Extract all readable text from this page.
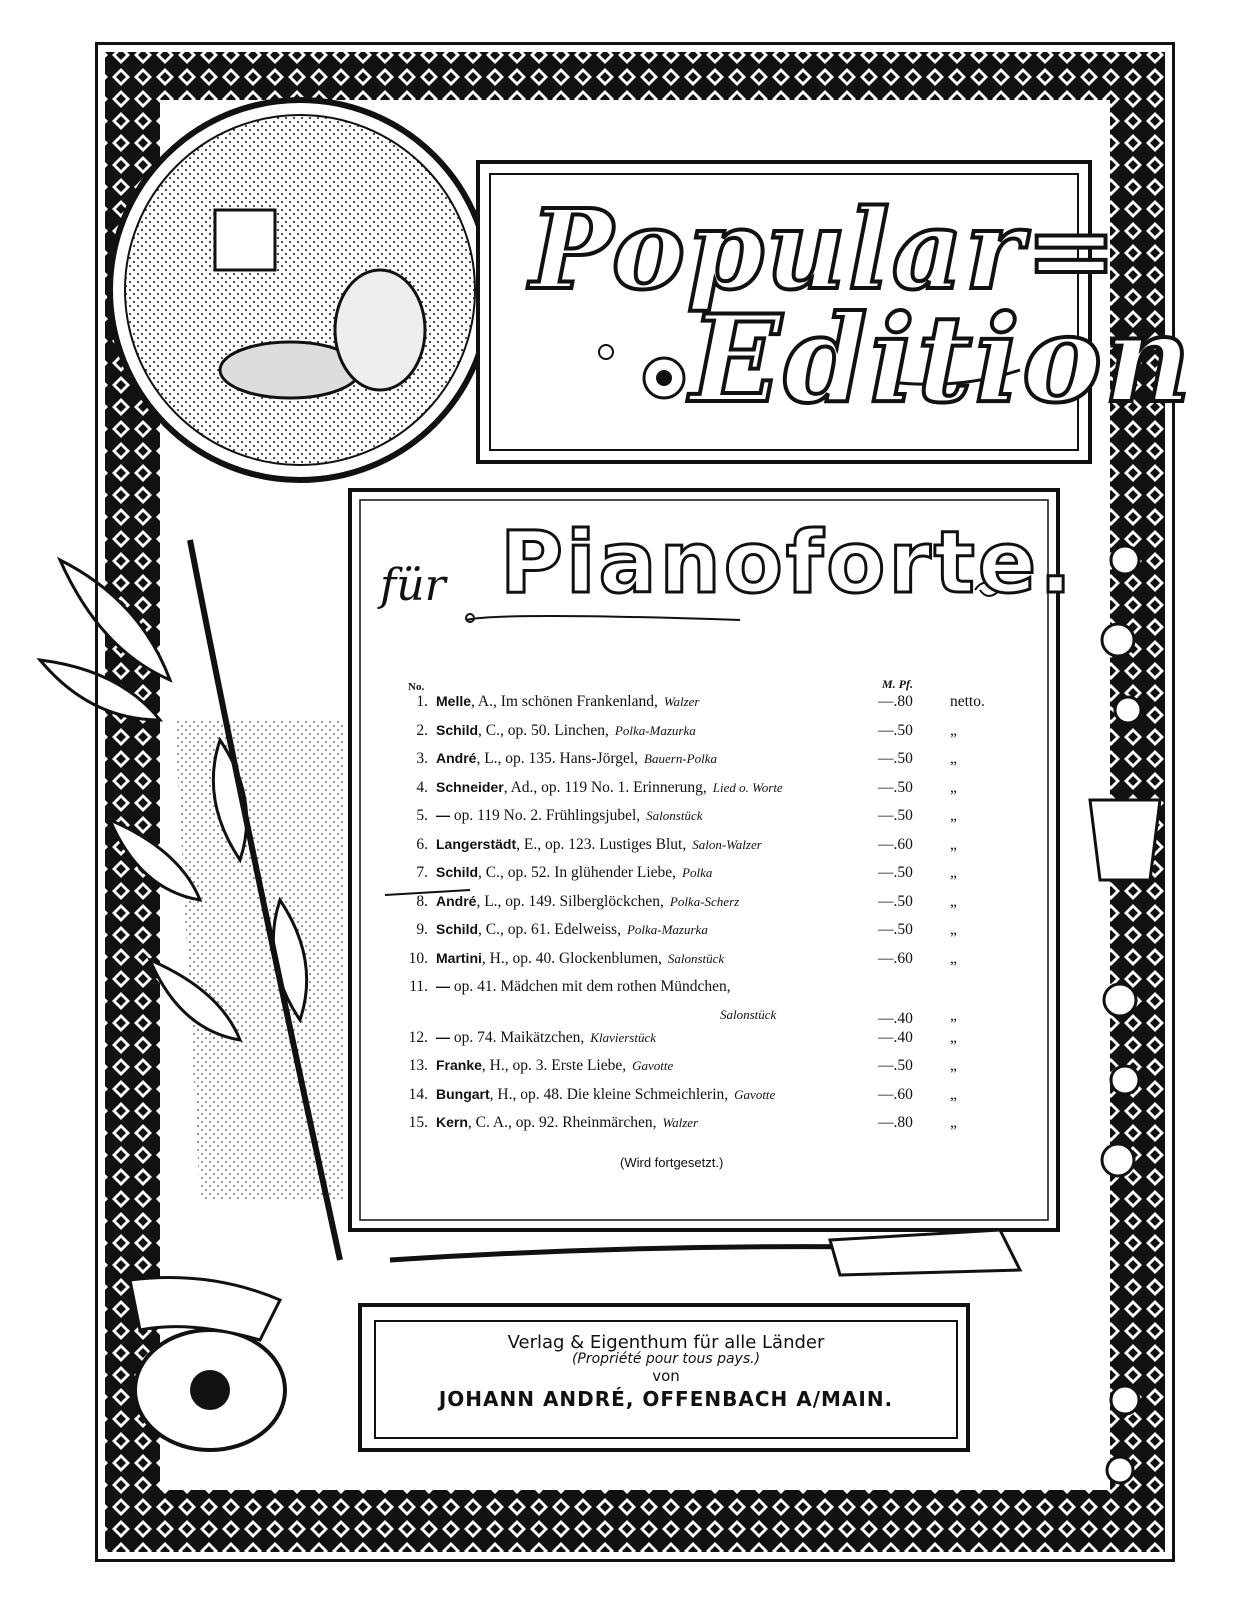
Popular=
Edition
für Pianoforte.
No.	M. Pf.
1. Melle, A., Im schönen Frankenland, Walzer	—.80 netto.
2. Schild, C., op. 50. Linchen, Polka-Mazurka	—.50 „
3. André, L., op. 135. Hans-Jörgel, Bauern-Polka	—.50 „
4. Schneider, Ad., op. 119 No. 1. Erinnerung, Lied o. Worte	—.50 „
5. — op. 119 No. 2. Frühlingsjubel, Salonstück	—.50 „
6. Langerstädt, E., op. 123. Lustiges Blut, Salon-Walzer	—.60 „
7. Schild, C., op. 52. In glühender Liebe, Polka	—.50 „
8. André, L., op. 149. Silberglöckchen, Polka-Scherz	—.50 „
9. Schild, C., op. 61. Edelweiss, Polka-Mazurka	—.50 „
10. Martini, H., op. 40. Glockenblumen, Salonstück	—.60 „
11. — op. 41. Mädchen mit dem rothen Mündchen,
Salonstück	—.40 „
12. — op. 74. Maikätzchen, Klavierstück	—.40 „
13. Franke, H., op. 3. Erste Liebe, Gavotte	—.50 „
14. Bungart, H., op. 48. Die kleine Schmeichlerin, Gavotte	—.60 „
15. Kern, C. A., op. 92. Rheinmärchen, Walzer	—.80 „
(Wird fortgesetzt.)
Verlag & Eigenthum für alle Länder
(Propriété pour tous pays.)
von
JOHANN ANDRÉ, OFFENBACH A/MAIN.
